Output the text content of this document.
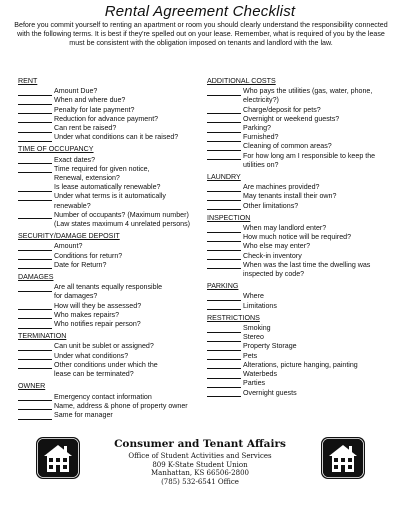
Rental Agreement Checklist
Before you commit yourself to renting an apartment or room you should clearly understand the responsibility connected with the following terms. It is best if they're spelled out on your lease. Remember, what is required of you by the lease must be consistent with the obligation imposed on tenants and landlord with the law.
RENT
Amount Due?
When and where due?
Penalty for late payment?
Reduction for advance payment?
Can rent be raised?
Under what conditions can it be raised?
TIME OF OCCUPANCY
Exact dates?
Time required for given notice,
Renewal, extension?
Is lease automatically renewable?
Under what terms is it automatically
renewable?
Number of occupants? (Maximum number)
(Law states maximum 4 unrelated persons)
SECURITY/DAMAGE DEPOSIT
Amount?
Conditions for return?
Date for Return?
DAMAGES
Are all tenants equally responsible
for damages?
How will they be assessed?
Who makes repairs?
Who notifies repair person?
TERMINATION
Can unit be sublet or assigned?
Under what conditions?
Other conditions under which the
lease can be terminated?
OWNER
Emergency contact information
Name, address & phone of property owner
Same for manager
ADDITIONAL COSTS
Who pays the utilities (gas, water, phone,
electricity?)
Charge/deposit for pets?
Overnight or weekend guests?
Parking?
Furnished?
Cleaning of common areas?
For how long am I responsible to keep the
utilities on?
LAUNDRY
Are machines provided?
May tenants install their own?
Other limitations?
INSPECTION
When may landlord enter?
How much notice will be required?
Who else may enter?
Check-in inventory
When was the last time the dwelling was
inspected by code?
PARKING
Where
Limitations
RESTRICTIONS
Smoking
Stereo
Property Storage
Pets
Alterations, picture hanging, painting
Waterbeds
Parties
Overnight guests
Consumer and Tenant Affairs
Office of Student Activities and Services
809 K-State Student Union
Manhattan, KS 66506-2800
(785) 532-6541 Office
